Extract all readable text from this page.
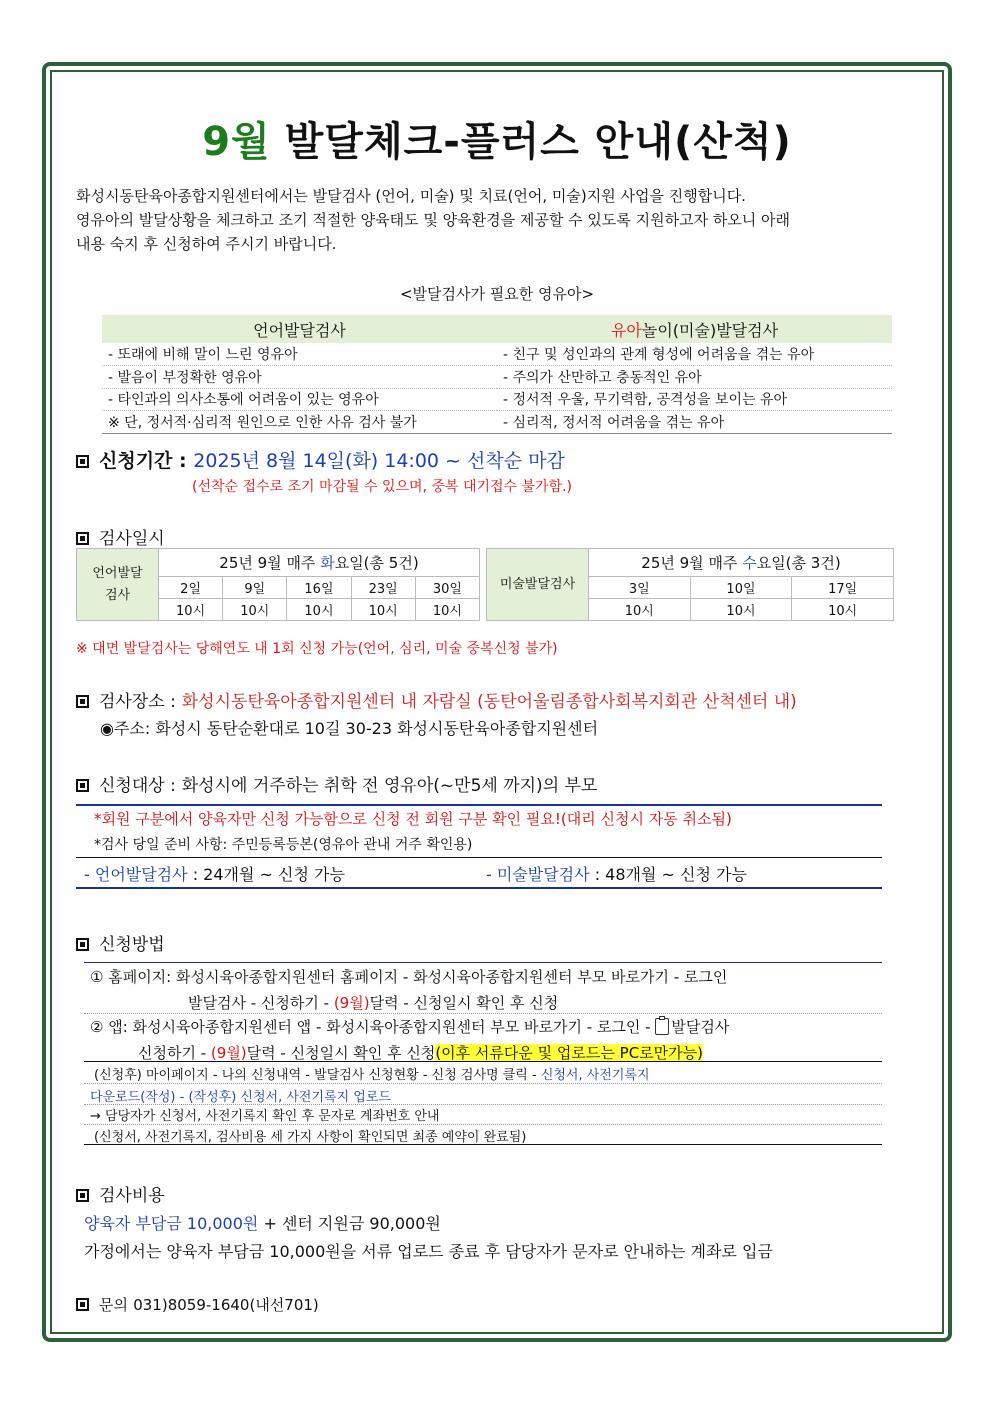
9월 발달체크-플러스 안내(산척)
화성시동탄육아종합지원센터에서는 발달검사 (언어, 미술) 및 치료(언어, 미술)지원 사업을 진행합니다.
영유아의 발달상황을 체크하고 조기 적절한 양육태도 및 양육환경을 제공할 수 있도록 지원하고자 하오니 아래
내용 숙지 후 신청하여 주시기 바랍니다.
<발달검사가 필요한 영유아>
언어발달검사	유아놀이(미술)발달검사
- 또래에 비해 말이 느린 영유아	- 친구 및 성인과의 관계 형성에 어려움을 겪는 유아
- 발음이 부정확한 영유아	- 주의가 산만하고 충동적인 유아
- 타인과의 의사소통에 어려움이 있는 영유아	- 정서적 우울, 무기력함, 공격성을 보이는 유아
※ 단, 정서적·심리적 원인으로 인한 사유 검사 불가	- 심리적, 정서적 어려움을 겪는 유아
신청기간 : 2025년 8월 14일(화) 14:00 ~ 선착순 마감
(선착순 접수로 조기 마감될 수 있으며, 중복 대기접수 불가함.)
검사일시
언어발달
검사	25년 9월 매주 화요일(총 5건)				
	2일	9일	16일	23일	30일
	10시	10시	10시	10시	10시
미술발달검사	25년 9월 매주 수요일(총 3건)		
	3일	10일	17일
	10시	10시	10시
※ 대면 발달검사는 당해연도 내 1회 신청 가능(언어, 심리, 미술 중복신청 불가)
검사장소 : 화성시동탄육아종합지원센터 내 자람실 (동탄어울림종합사회복지회관 산척센터 내)
◉주소: 화성시 동탄순환대로 10길 30-23 화성시동탄육아종합지원센터
신청대상 : 화성시에 거주하는 취학 전 영유아(~만5세 까지)의 부모
*회원 구분에서 양육자만 신청 가능함으로 신청 전 회원 구분 확인 필요!(대리 신청시 자동 취소됨)
*검사 당일 준비 사항: 주민등록등본(영유아 관내 거주 확인용)
- 언어발달검사 : 24개월 ~ 신청 가능	- 미술발달검사 : 48개월 ~ 신청 가능
신청방법
① 홈페이지: 화성시육아종합지원센터 홈페이지 - 화성시육아종합지원센터 부모 바로가기 - 로그인
발달검사 - 신청하기 - (9월)달력 - 신청일시 확인 후 신청
② 앱: 화성시육아종합지원센터 앱 - 화성시육아종합지원센터 부모 바로가기 - 로그인 -
발달검사
신청하기 - (9월)달력 - 신청일시 확인 후 신청(이후 서류다운 및 업로드는 PC로만가능)
(신청후) 마이페이지 - 나의 신청내역 - 발달검사 신청현황 - 신청 검사명 클릭 - 신청서, 사전기록지
다운로드(작성) - (작성후) 신청서, 사전기록지 업로드
→ 담당자가 신청서, 사전기록지 확인 후 문자로 계좌번호 안내
(신청서, 사전기록지, 검사비용 세 가지 사항이 확인되면 최종 예약이 완료됨)
검사비용
양육자 부담금 10,000원 + 센터 지원금 90,000원
가정에서는 양육자 부담금 10,000원을 서류 업로드 종료 후 담당자가 문자로 안내하는 계좌로 입금
문의 031)8059-1640(내선701)
